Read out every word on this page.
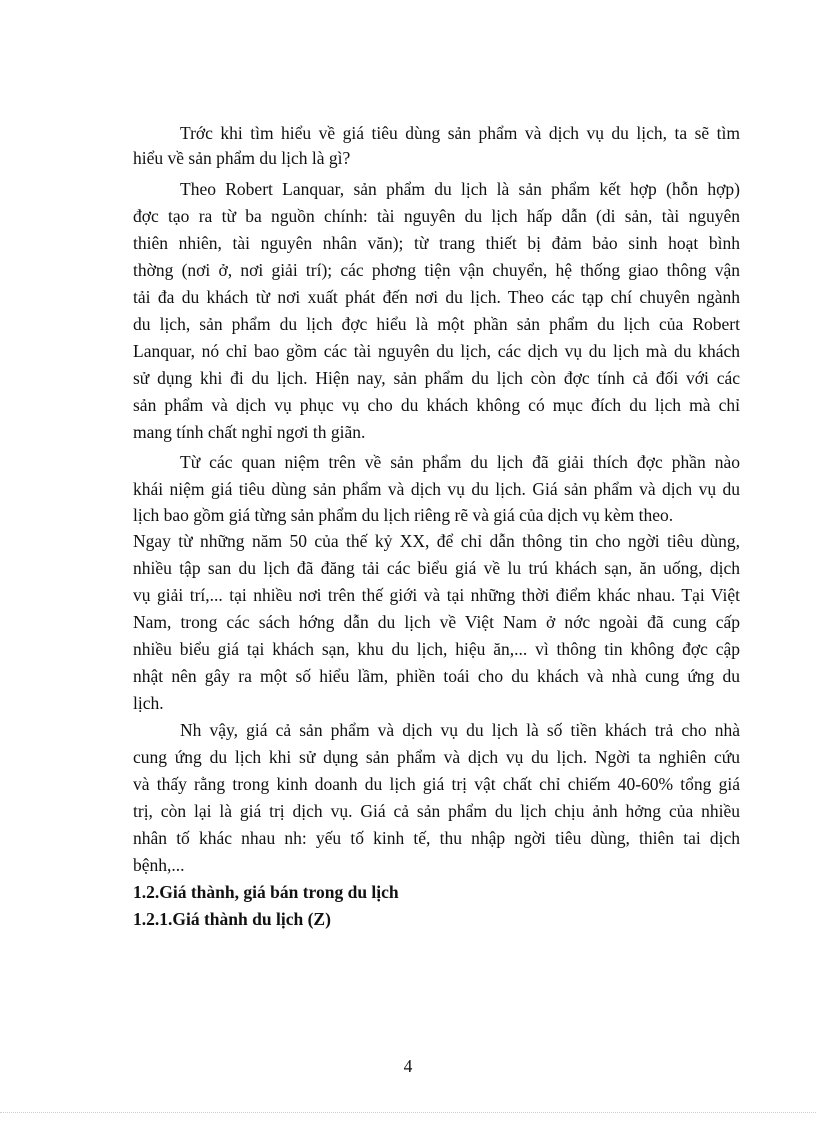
Trớc khi tìm hiểu về giá tiêu dùng sản phẩm và dịch vụ du lịch, ta sẽ tìm
hiểu về sản phẩm du lịch là gì?
Theo Robert Lanquar, sản phẩm du lịch là sản phẩm kết hợp (hỗn hợp)
đợc tạo ra từ ba nguồn chính: tài nguyên du lịch hấp dẫn (di sản, tài nguyên
thiên nhiên, tài nguyên nhân văn); từ trang thiết bị đảm bảo sinh hoạt bình
thờng (nơi ở, nơi giải trí); các phơng tiện vận chuyển, hệ thống giao thông vận
tải đa du khách từ nơi xuất phát đến nơi du lịch. Theo các tạp chí chuyên ngành
du lịch, sản phẩm du lịch đợc hiểu là một phần sản phẩm du lịch của Robert
Lanquar, nó chỉ bao gồm các tài nguyên du lịch, các dịch vụ du lịch mà du khách
sử dụng khi đi du lịch. Hiện nay, sản phẩm du lịch còn đợc tính cả đối với các
sản phẩm và dịch vụ phục vụ cho du khách không có mục đích du lịch mà chỉ
mang tính chất nghỉ ngơi th giãn.
Từ các quan niệm trên về sản phẩm du lịch đã giải thích đợc phần nào
khái niệm giá tiêu dùng sản phẩm và dịch vụ du lịch. Giá sản phẩm và dịch vụ du
lịch bao gồm giá từng sản phẩm du lịch riêng rẽ và giá của dịch vụ kèm theo.
Ngay từ những năm 50 của thế kỷ XX, để chỉ dẫn thông tin cho ngời tiêu dùng,
nhiều tập san du lịch đã đăng tải các biểu giá về lu trú khách sạn, ăn uống, dịch
vụ giải trí,... tại nhiều nơi trên thế giới và tại những thời điểm khác nhau. Tại Việt
Nam, trong các sách hớng dẫn du lịch về Việt Nam ở nớc ngoài đã cung cấp
nhiều biểu giá tại khách sạn, khu du lịch, hiệu ăn,... vì thông tin không đợc cập
nhật nên gây ra một số hiểu lầm, phiền toái cho du khách và nhà cung ứng du
lịch.
Nh vậy, giá cả sản phẩm và dịch vụ du lịch là số tiền khách trả cho nhà
cung ứng du lịch khi sử dụng sản phẩm và dịch vụ du lịch. Ngời ta nghiên cứu
và thấy rằng trong kinh doanh du lịch giá trị vật chất chỉ chiếm 40-60% tổng giá
trị, còn lại là giá trị dịch vụ. Giá cả sản phẩm du lịch chịu ảnh hởng của nhiều
nhân tố khác nhau nh: yếu tố kinh tế, thu nhập ngời tiêu dùng, thiên tai dịch
bệnh,...
1.2.Giá thành, giá bán trong du lịch
1.2.1.Giá thành du lịch (Z)
4
